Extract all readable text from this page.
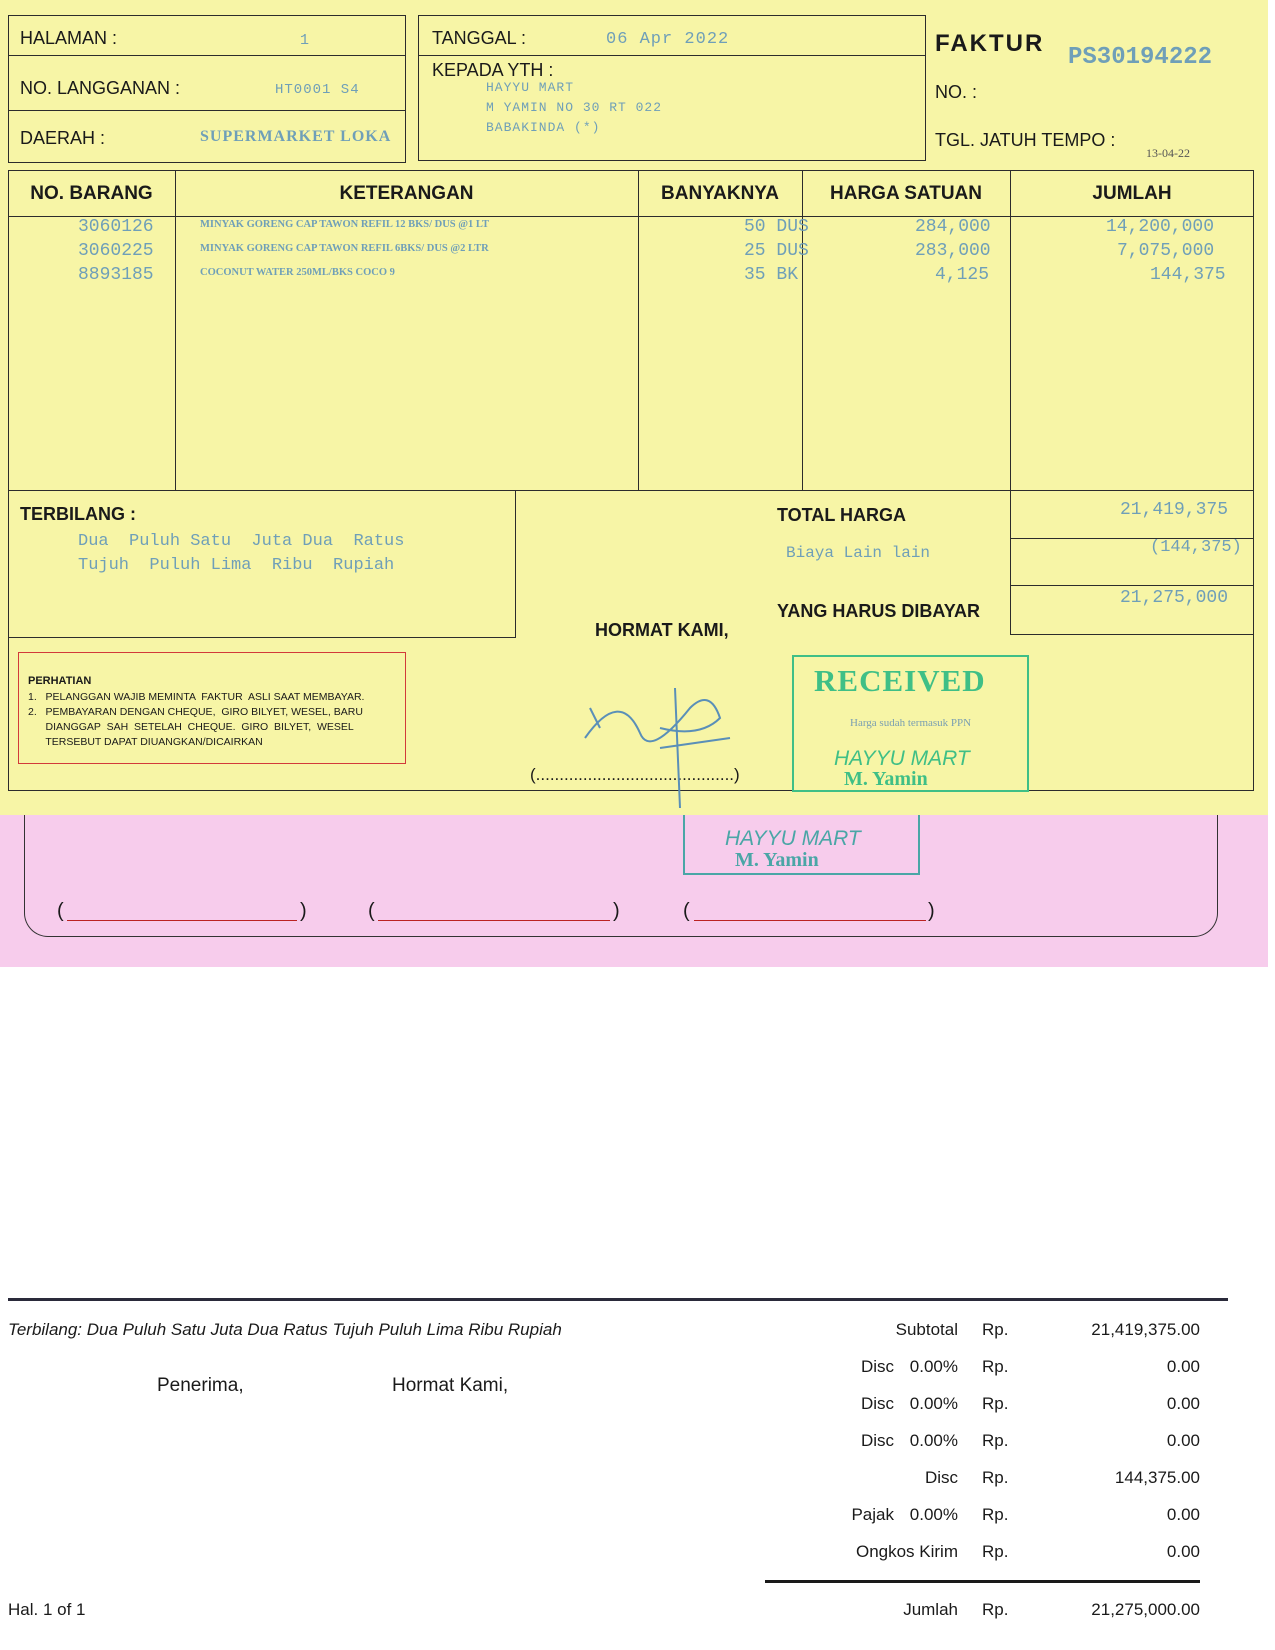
HALAMAN :	1
NO. LANGGANAN :	HT0001 S4
DAERAH :	SUPERMARKET LOKA
TANGGAL :	06 Apr 2022
KEPADA YTH :
HAYYU MART
M YAMIN NO 30 RT 022
BABAKINDA (*)
FAKTUR
PS30194222
NO. :
TGL. JATUH TEMPO :
13-04-22
NO. BARANG	KETERANGAN	BANYAKNYA	HARGA SATUAN	JUMLAH
3060126	MINYAK GORENG CAP TAWON REFIL 12 BKS/ DUS @1 LT	50 DUS	284,000	14,200,000
3060225	MINYAK GORENG CAP TAWON REFIL 6BKS/ DUS @2 LTR	25 DUS	283,000	7,075,000
8893185	COCONUT WATER 250ML/BKS COCO 9	35 BK	4,125	144,375
TERBILANG :
Dua  Puluh Satu  Juta Dua  Ratus
Tujuh  Puluh Lima  Ribu  Rupiah
TOTAL HARGA	21,419,375
Biaya Lain lain	(144,375)
YANG HARUS DIBAYAR
21,275,000
HORMAT KAMI,
(..........................................)
PERHATIAN
1.   PELANGGAN WAJIB MEMINTA  FAKTUR  ASLI SAAT MEMBAYAR.
2.   PEMBAYARAN DENGAN CHEQUE,  GIRO BILYET, WESEL, BARU
DIANGGAP  SAH  SETELAH  CHEQUE.  GIRO  BILYET,  WESEL
TERSEBUT DAPAT DIUANGKAN/DICAIRKAN
RECEIVED
Harga sudah termasuk PPN
HAYYU MART
M. Yamin
HAYYU MART
M. Yamin
(	)	(	)	(	)
Terbilang: Dua Puluh Satu Juta Dua Ratus Tujuh Puluh Lima Ribu Rupiah
Penerima,	Hormat Kami,
Hal. 1 of 1
Subtotal Rp.	21,419,375.00
Disc 0.00% Rp.	0.00
Disc 0.00% Rp.	0.00
Disc 0.00% Rp.	0.00
Disc Rp.	144,375.00
Pajak 0.00% Rp.	0.00
Ongkos Kirim Rp.	0.00
Jumlah Rp.	21,275,000.00
